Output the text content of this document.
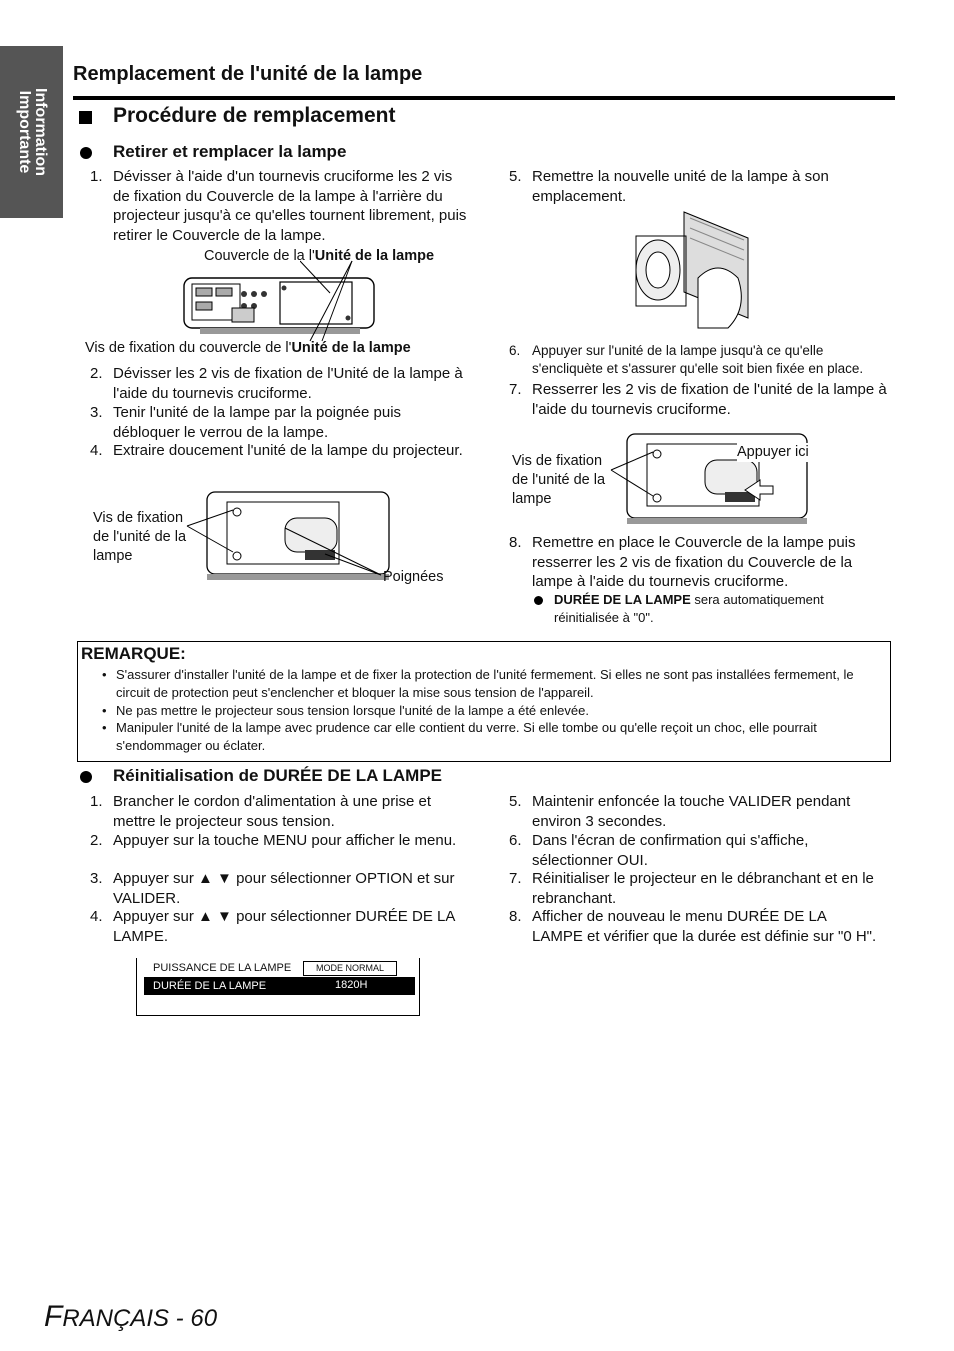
Information
Importante
Remplacement de l'unité de la lampe
Procédure de remplacement
Retirer et remplacer la lampe
1. Dévisser à l'aide d'un tournevis cruciforme les 2 vis de fixation du Couvercle de la lampe à l'arrière du projecteur jusqu'à ce qu'elles tournent librement, puis retirer le Couvercle de la lampe.
Couvercle de la l'Unité de la lampe
Vis de fixation du couvercle de l'Unité de la lampe
2. Dévisser les 2 vis de fixation de l'Unité de la lampe à l'aide du tournevis cruciforme.
3. Tenir l'unité de la lampe par la poignée puis débloquer le verrou de la lampe.
4. Extraire doucement l'unité de la lampe du projecteur.
Vis de fixation de l'unité de la lampe
Poignées
5. Remettre la nouvelle unité de la lampe à son emplacement.
6. Appuyer sur l'unité de la lampe jusqu'à ce qu'elle s'encliquète et s'assurer qu'elle soit bien fixée en place.
7. Resserrer les 2 vis de fixation de l'unité de la lampe à l'aide du tournevis cruciforme.
Vis de fixation de l'unité de la lampe
Appuyer ici
8. Remettre en place le Couvercle de la lampe puis resserrer les 2 vis de fixation du Couvercle de la lampe à l'aide du tournevis cruciforme.
DURÉE DE LA LAMPE sera automatiquement réinitialisée à "0".
REMARQUE:
• S'assurer d'installer l'unité de la lampe et de fixer la protection de l'unité fermement. Si elles ne sont pas installées fermement, le circuit de protection peut s'enclencher et bloquer la mise sous tension de l'appareil.
• Ne pas mettre le projecteur sous tension lorsque l'unité de la lampe a été enlevée.
• Manipuler l'unité de la lampe avec prudence car elle contient du verre. Si elle tombe ou qu'elle reçoit un choc, elle pourrait s'endommager ou éclater.
Réinitialisation de DURÉE DE LA LAMPE
1. Brancher le cordon d'alimentation à une prise et mettre le projecteur sous tension.
2. Appuyer sur la touche MENU pour afficher le menu.
3. Appuyer sur ▲ ▼ pour sélectionner OPTION et sur VALIDER.
4. Appuyer sur ▲ ▼ pour sélectionner DURÉE DE LA LAMPE.
PUISSANCE DE LA LAMPE	MODE NORMAL
DURÉE DE LA LAMPE	1820H
5. Maintenir enfoncée la touche VALIDER pendant environ 3 secondes.
6. Dans l'écran de confirmation qui s'affiche, sélectionner OUI.
7. Réinitialiser le projecteur en le débranchant et en le rebranchant.
8. Afficher de nouveau le menu DURÉE DE LA LAMPE et vérifier que la durée est définie sur "0 H".
FRANÇAIS - 60
